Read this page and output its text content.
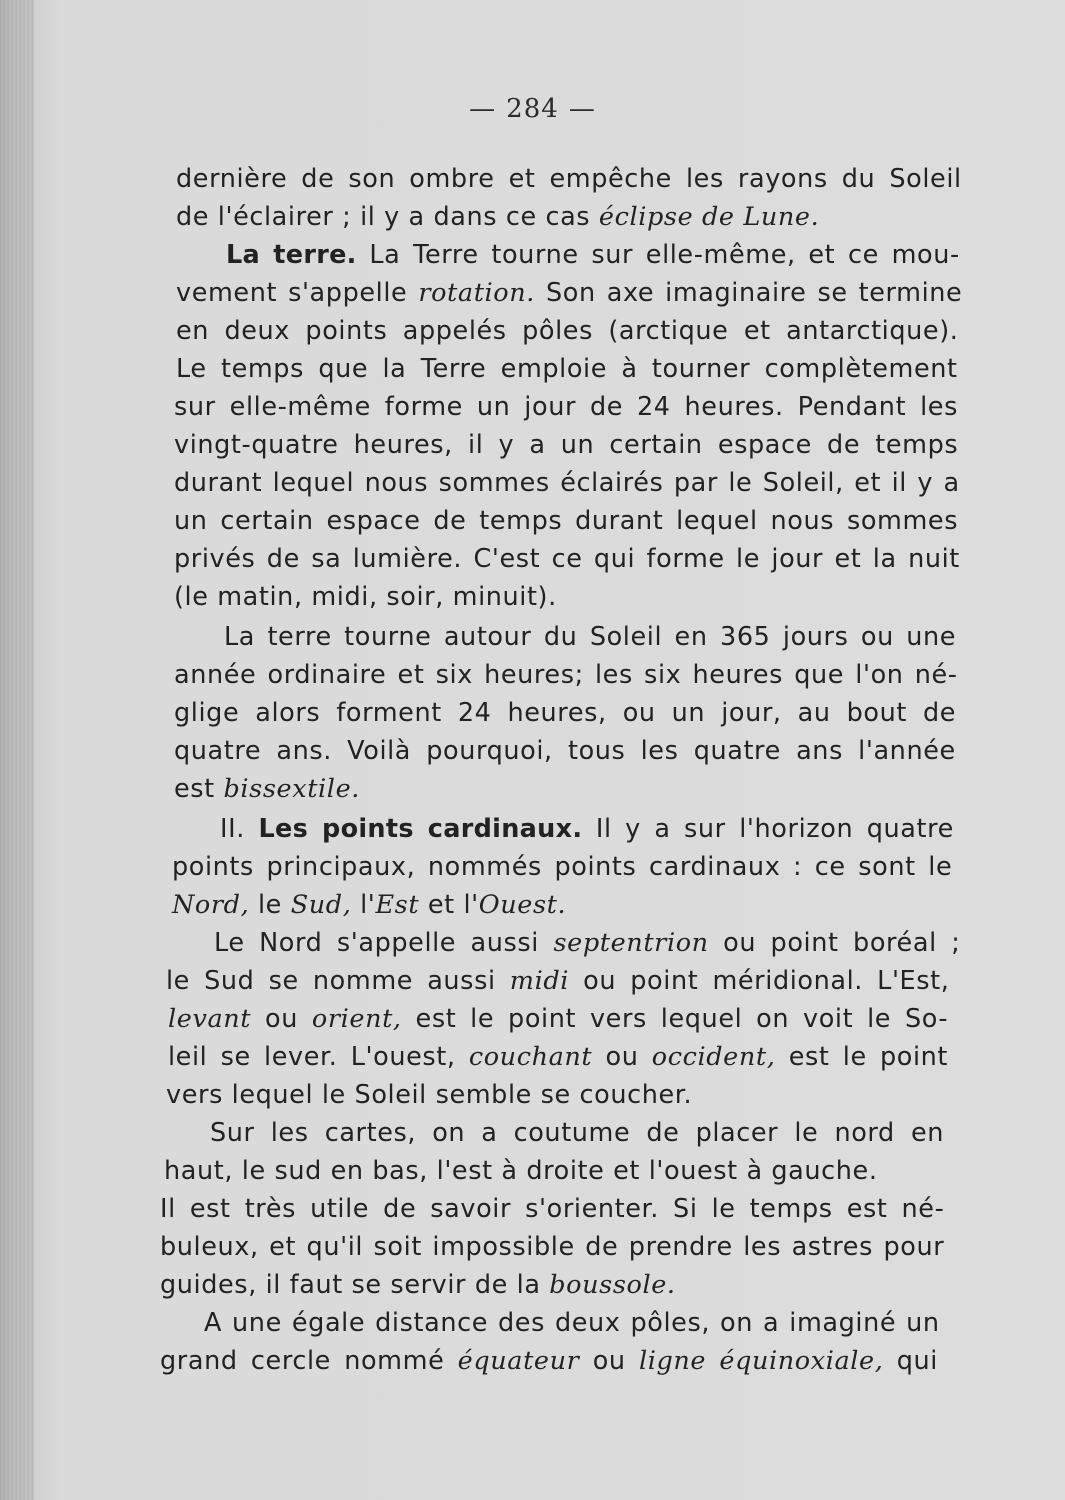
— 284 —
dernière de son ombre et empêche les rayons du Soleil
de l'éclairer ; il y a dans ce cas éclipse de Lune.
La terre. La Terre tourne sur elle-même, et ce mou-
vement s'appelle rotation. Son axe imaginaire se termine
en deux points appelés pôles (arctique et antarctique).
Le temps que la Terre emploie à tourner complètement
sur elle-même forme un jour de 24 heures. Pendant les
vingt-quatre heures, il y a un certain espace de temps
durant lequel nous sommes éclairés par le Soleil, et il y a
un certain espace de temps durant lequel nous sommes
privés de sa lumière. C'est ce qui forme le jour et la nuit
(le matin, midi, soir, minuit).
La terre tourne autour du Soleil en 365 jours ou une
année ordinaire et six heures; les six heures que l'on né-
glige alors forment 24 heures, ou un jour, au bout de
quatre ans. Voilà pourquoi, tous les quatre ans l'année
est bissextile.
II. Les points cardinaux. Il y a sur l'horizon quatre
points principaux, nommés points cardinaux : ce sont le
Nord, le Sud, l'Est et l'Ouest.
Le Nord s'appelle aussi septentrion ou point boréal ;
le Sud se nomme aussi midi ou point méridional. L'Est,
levant ou orient, est le point vers lequel on voit le So-
leil se lever. L'ouest, couchant ou occident, est le point
vers lequel le Soleil semble se coucher.
Sur les cartes, on a coutume de placer le nord en
haut, le sud en bas, l'est à droite et l'ouest à gauche.
Il est très utile de savoir s'orienter. Si le temps est né-
buleux, et qu'il soit impossible de prendre les astres pour
guides, il faut se servir de la boussole.
A une égale distance des deux pôles, on a imaginé un
grand cercle nommé équateur ou ligne équinoxiale, qui
